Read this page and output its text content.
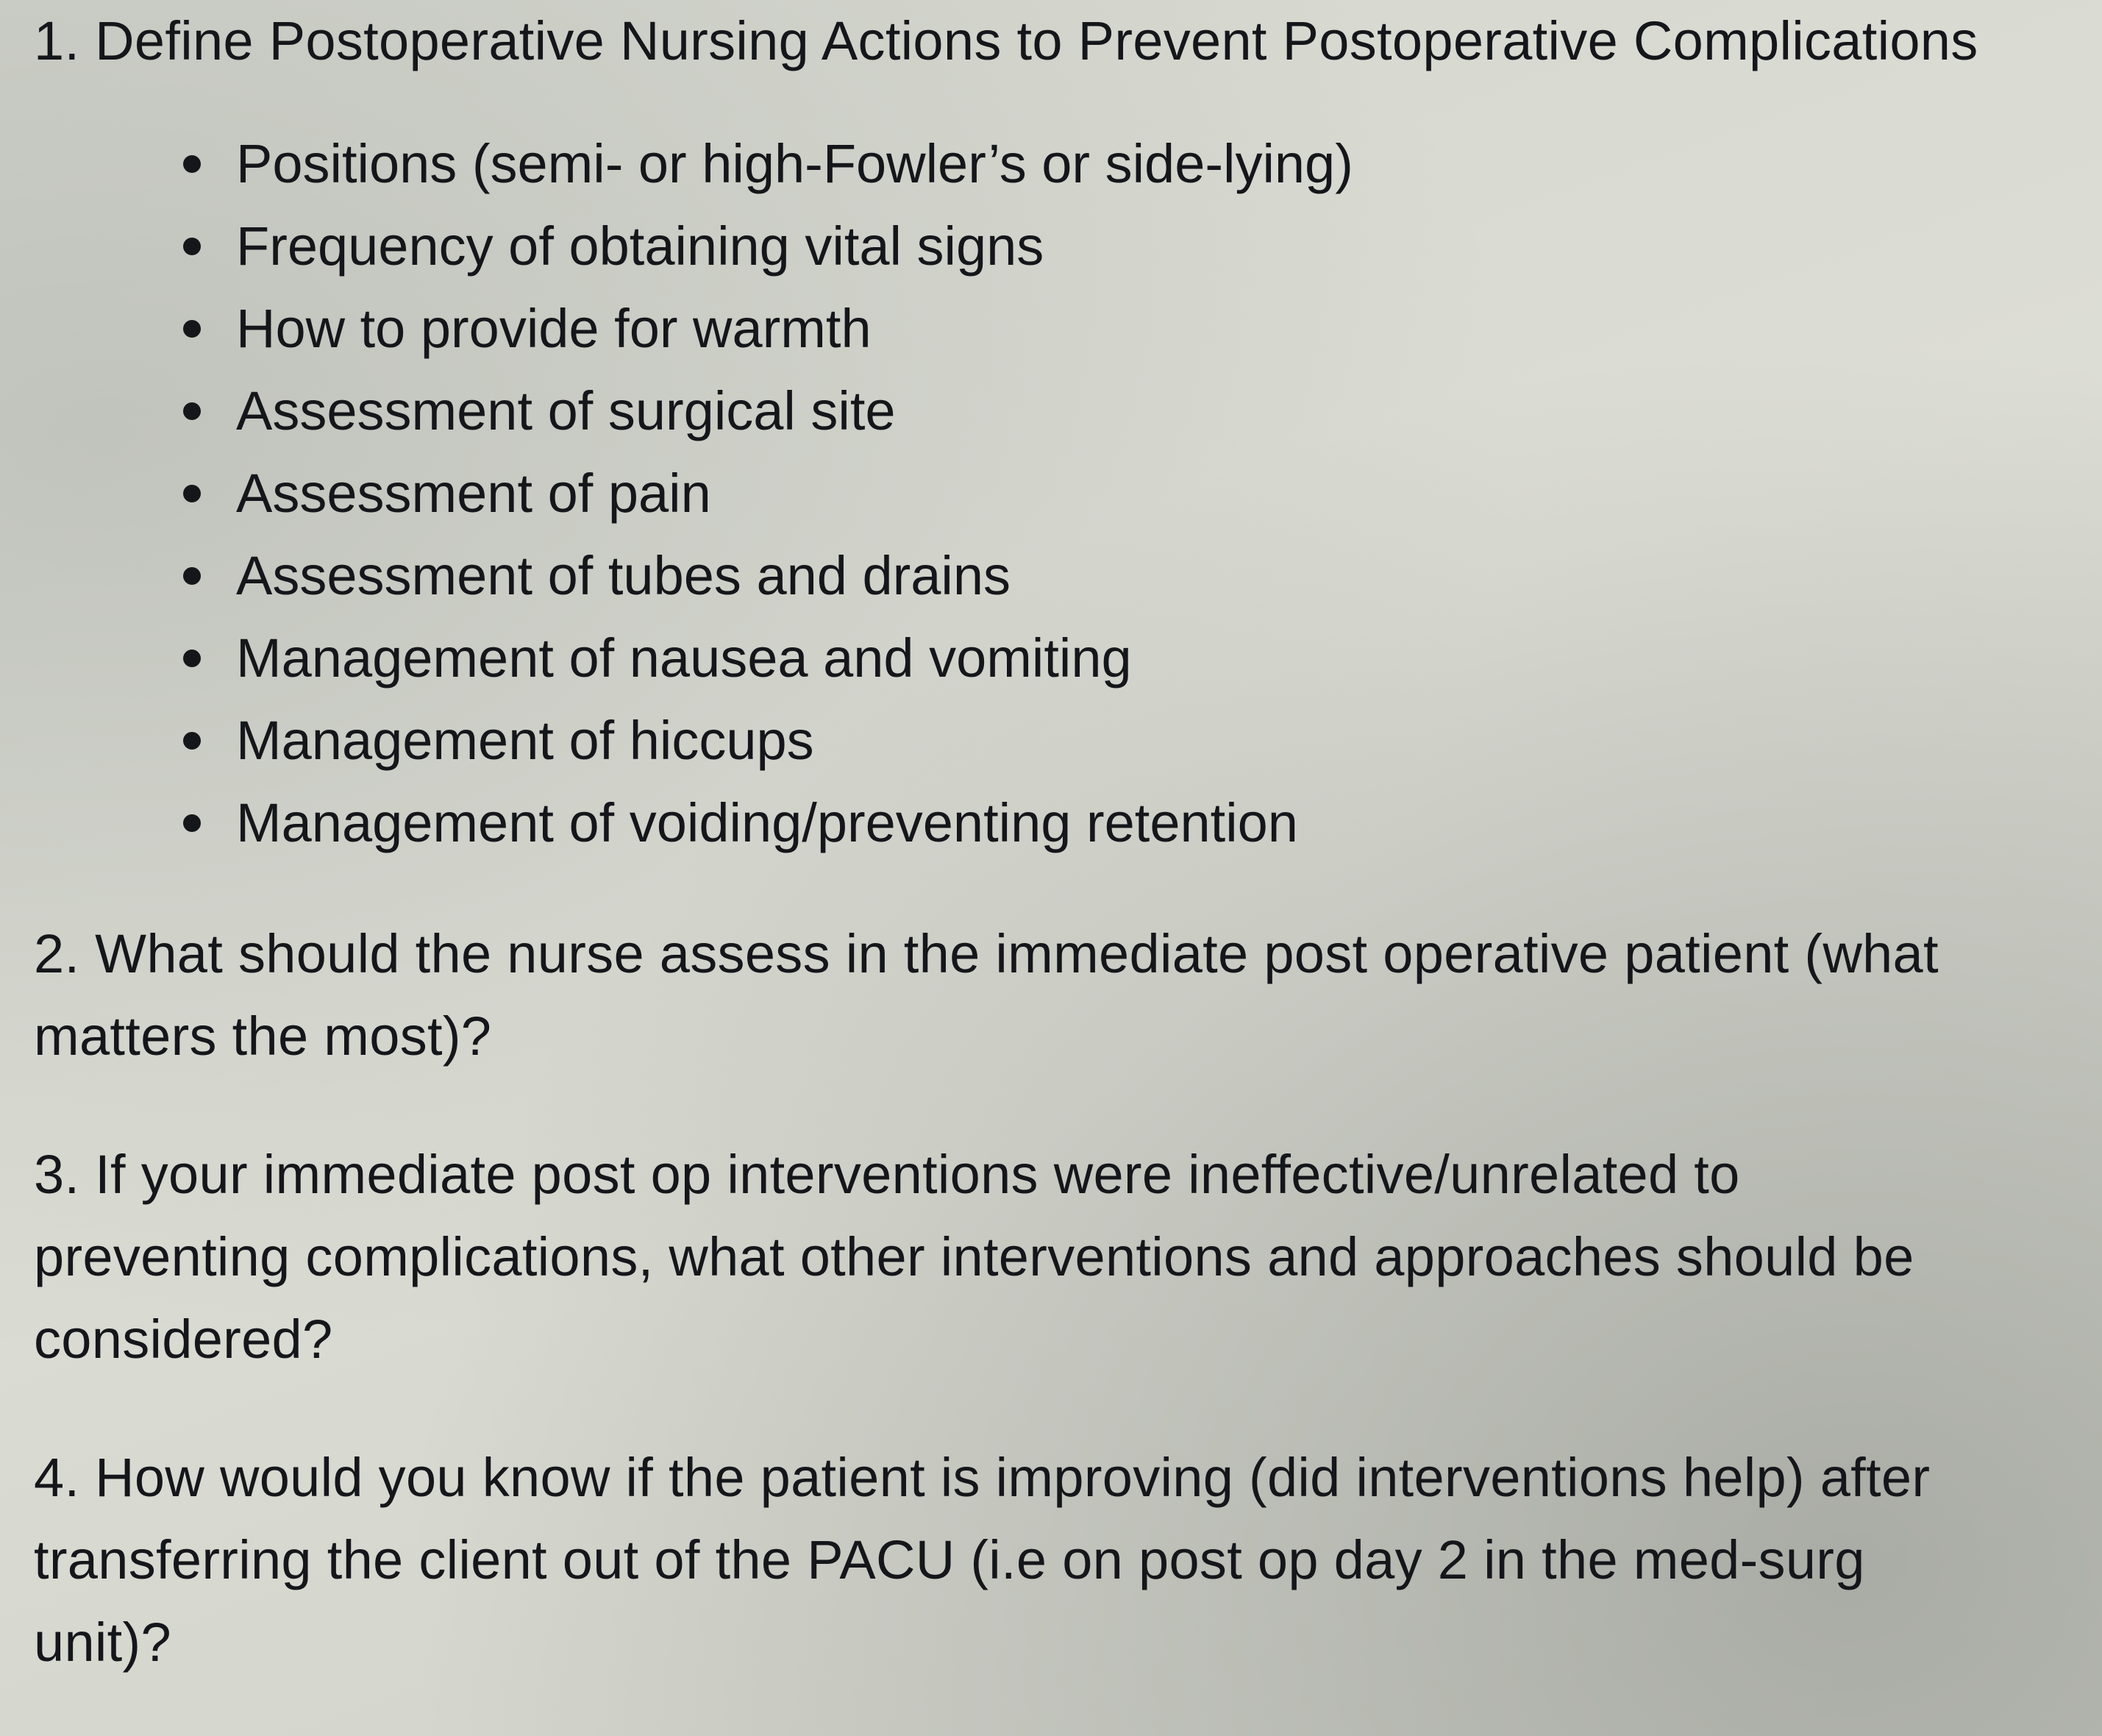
1. Define Postoperative Nursing Actions to Prevent Postoperative Complications
Positions (semi- or high-Fowler’s or side-lying)
Frequency of obtaining vital signs
How to provide for warmth
Assessment of surgical site
Assessment of pain
Assessment of tubes and drains
Management of nausea and vomiting
Management of hiccups
Management of voiding/preventing retention

2. What should the nurse assess in the immediate post operative patient (what
matters the most)?

3. If your immediate post op interventions were ineffective/unrelated to
preventing complications, what other interventions and approaches should be
considered?

4. How would you know if the patient is improving (did interventions help) after
transferring the client out of the PACU (i.e on post op day 2 in the med-surg
unit)?
